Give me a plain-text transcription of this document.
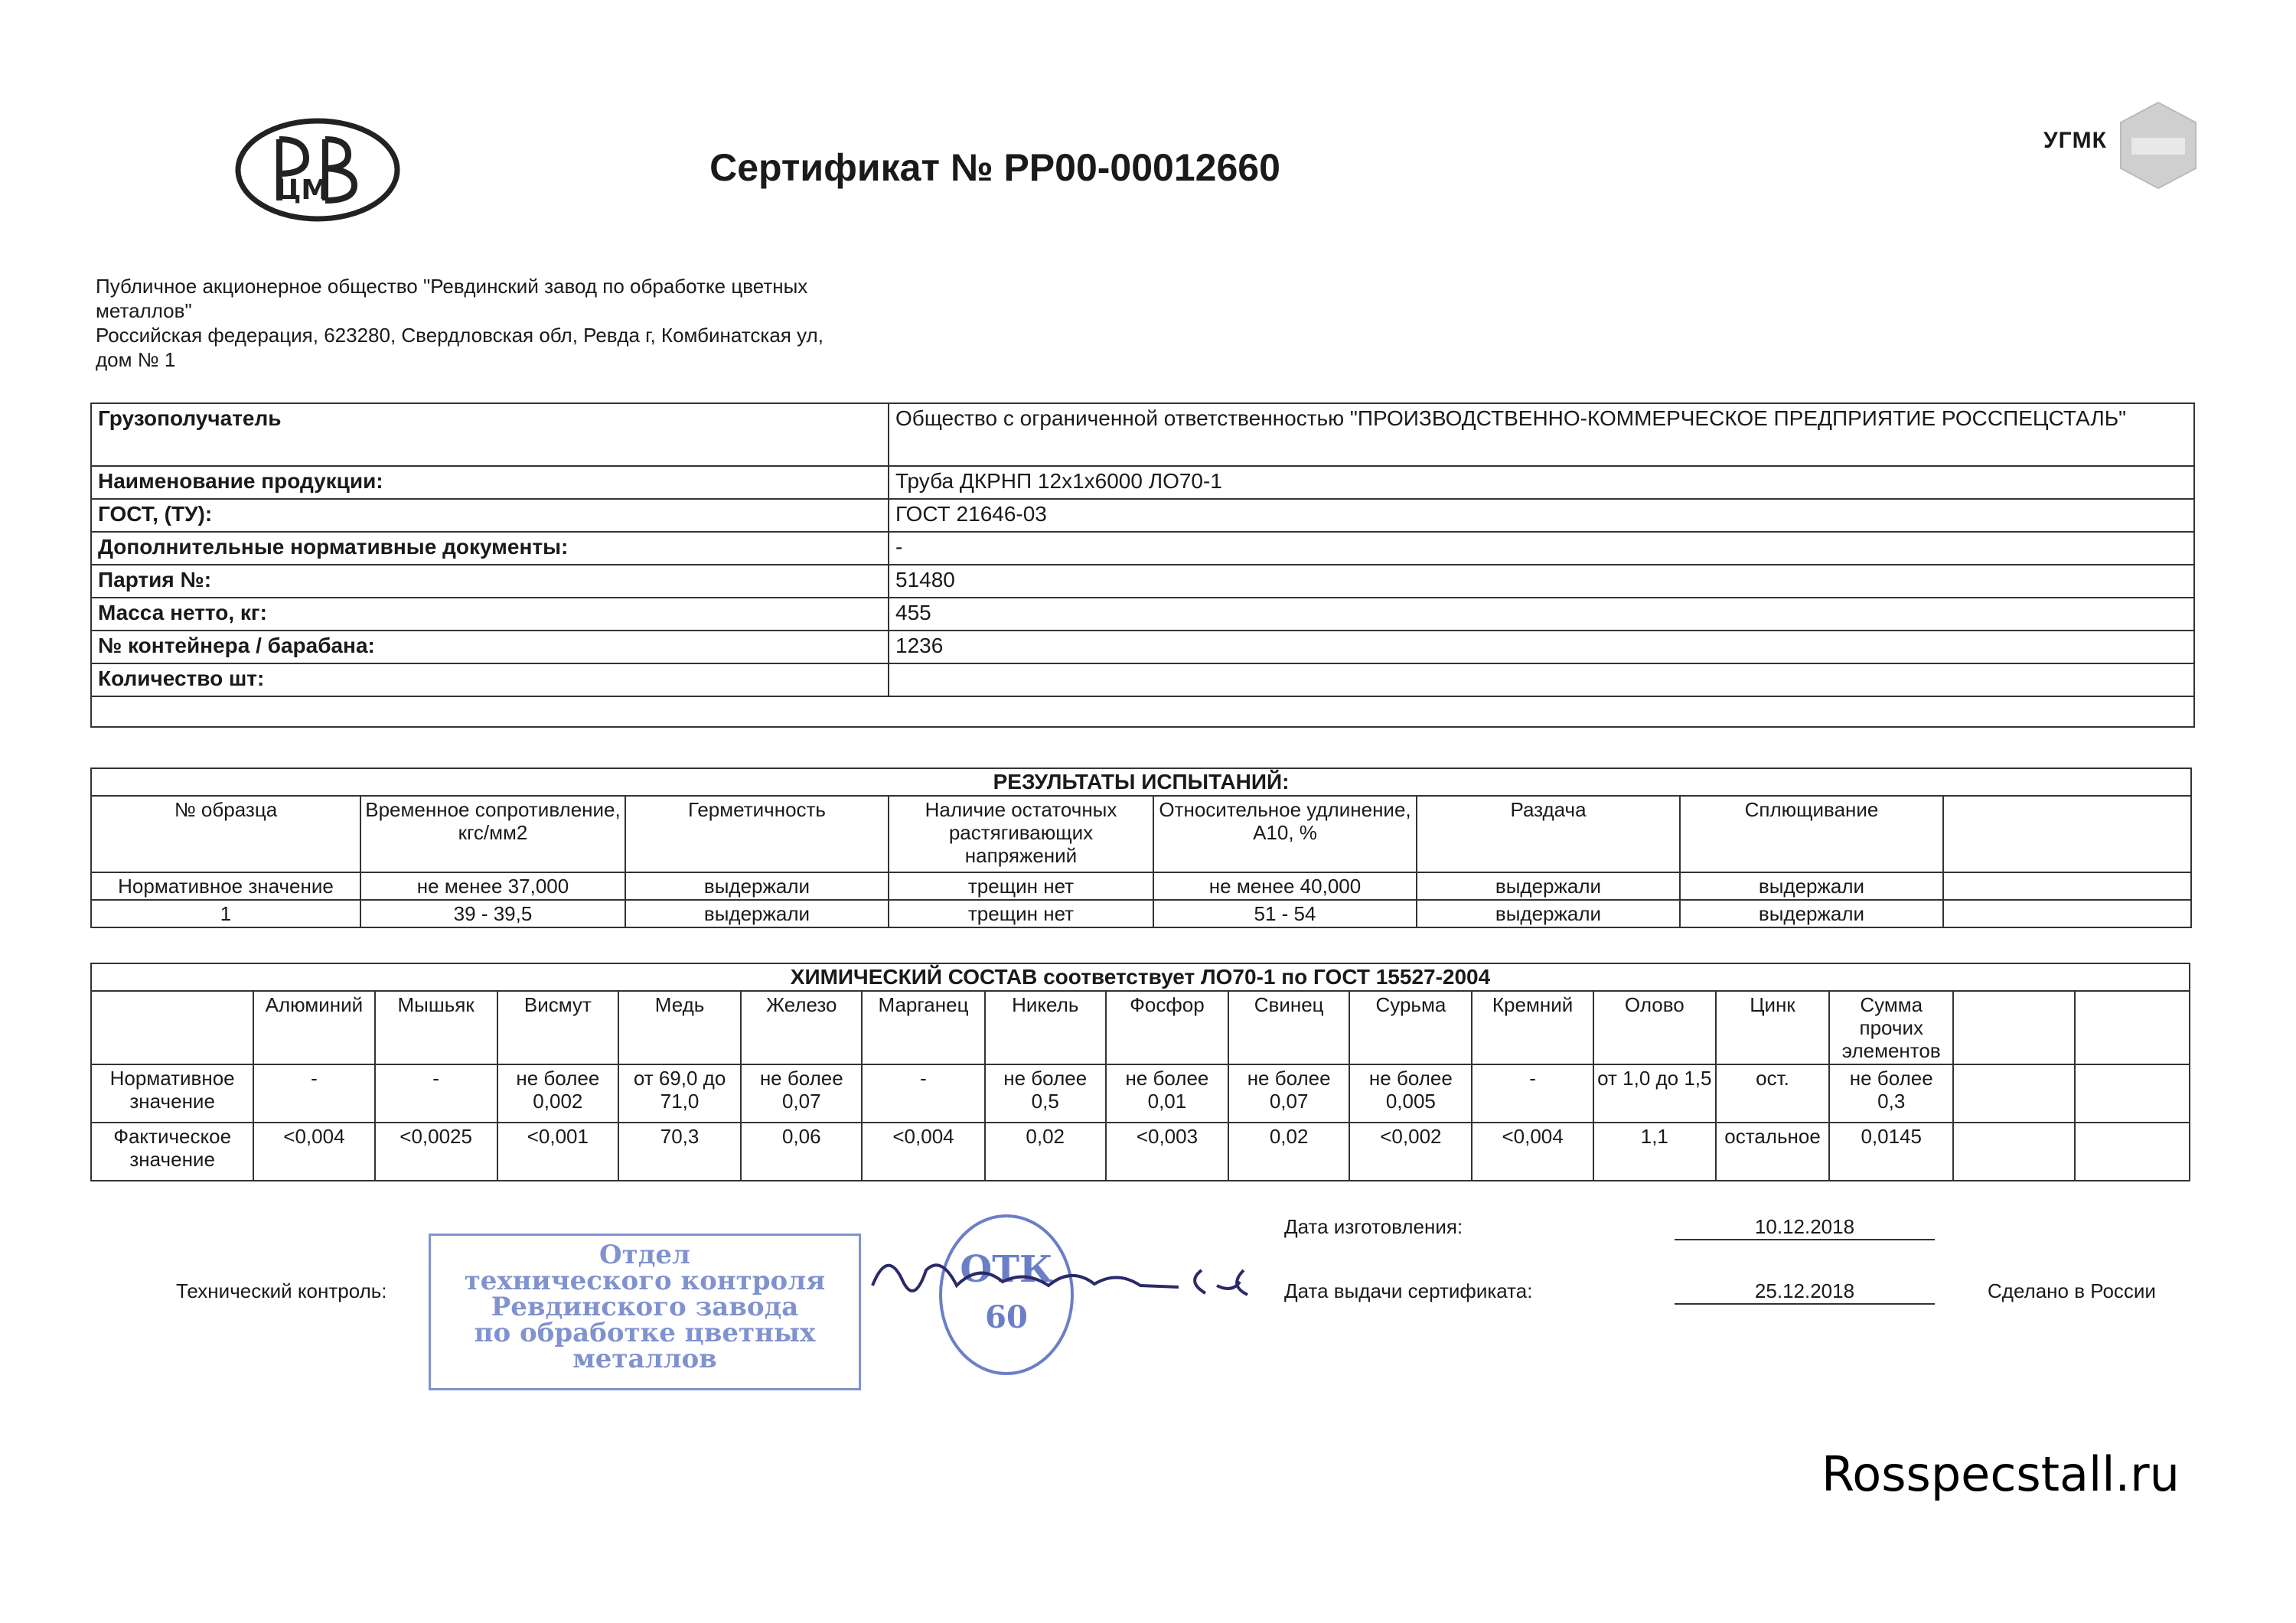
ЦМ
Сертификат № РР00-00012660
УГМК
Публичное акционерное общество "Ревдинский завод по обработке цветных
металлов"
Российская федерация, 623280, Свердловская обл, Ревда г, Комбинатская ул,
дом № 1
Грузополучатель	Общество с ограниченной ответственностью "ПРОИЗВОДСТВЕННО-КОММЕРЧЕСКОЕ ПРЕДПРИЯТИЕ РОССПЕЦСТАЛЬ"
Наименование продукции:	Труба ДКРНП 12х1х6000 ЛО70-1
ГОСТ, (ТУ):	ГОСТ 21646-03
Дополнительные нормативные документы:	-
Партия №:	51480
Масса нетто, кг:	455
№ контейнера / барабана:	1236
Количество шт:	

РЕЗУЛЬТАТЫ ИСПЫТАНИЙ:							
№ образца	Временное сопротивление, кгс/мм2	Герметичность	Наличие остаточных растягивающих напряжений	Относительное удлинение, А10, %	Раздача	Сплющивание	
Нормативное значение	не менее 37,000	выдержали	трещин нет	не менее 40,000	выдержали	выдержали	
1	39 - 39,5	выдержали	трещин нет	51 - 54	выдержали	выдержали	
ХИМИЧЕСКИЙ СОСТАВ соответствует ЛО70-1 по ГОСТ 15527-2004																
	Алюминий	Мышьяк	Висмут	Медь	Железо	Марганец	Никель	Фосфор	Свинец	Сурьма	Кремний	Олово	Цинк	Сумма прочих элементов		
Нормативное значение	-	-	не более 0,002	от 69,0 до 71,0	не более 0,07	-	не более 0,5	не более 0,01	не более 0,07	не более 0,005	-	от 1,0 до 1,5	ост.	не более 0,3		
Фактическое значение	<0,004	<0,0025	<0,001	70,3	0,06	<0,004	0,02	<0,003	0,02	<0,002	<0,004	1,1	остальное	0,0145		
Технический контроль:
Отдел
технического контроля
Ревдинского завода
по обработке цветных
металлов
ОТК
60
Дата изготовления:	10.12.2018
Дата выдачи сертификата:	25.12.2018	Сделано в России
Rosspecstall.ru
